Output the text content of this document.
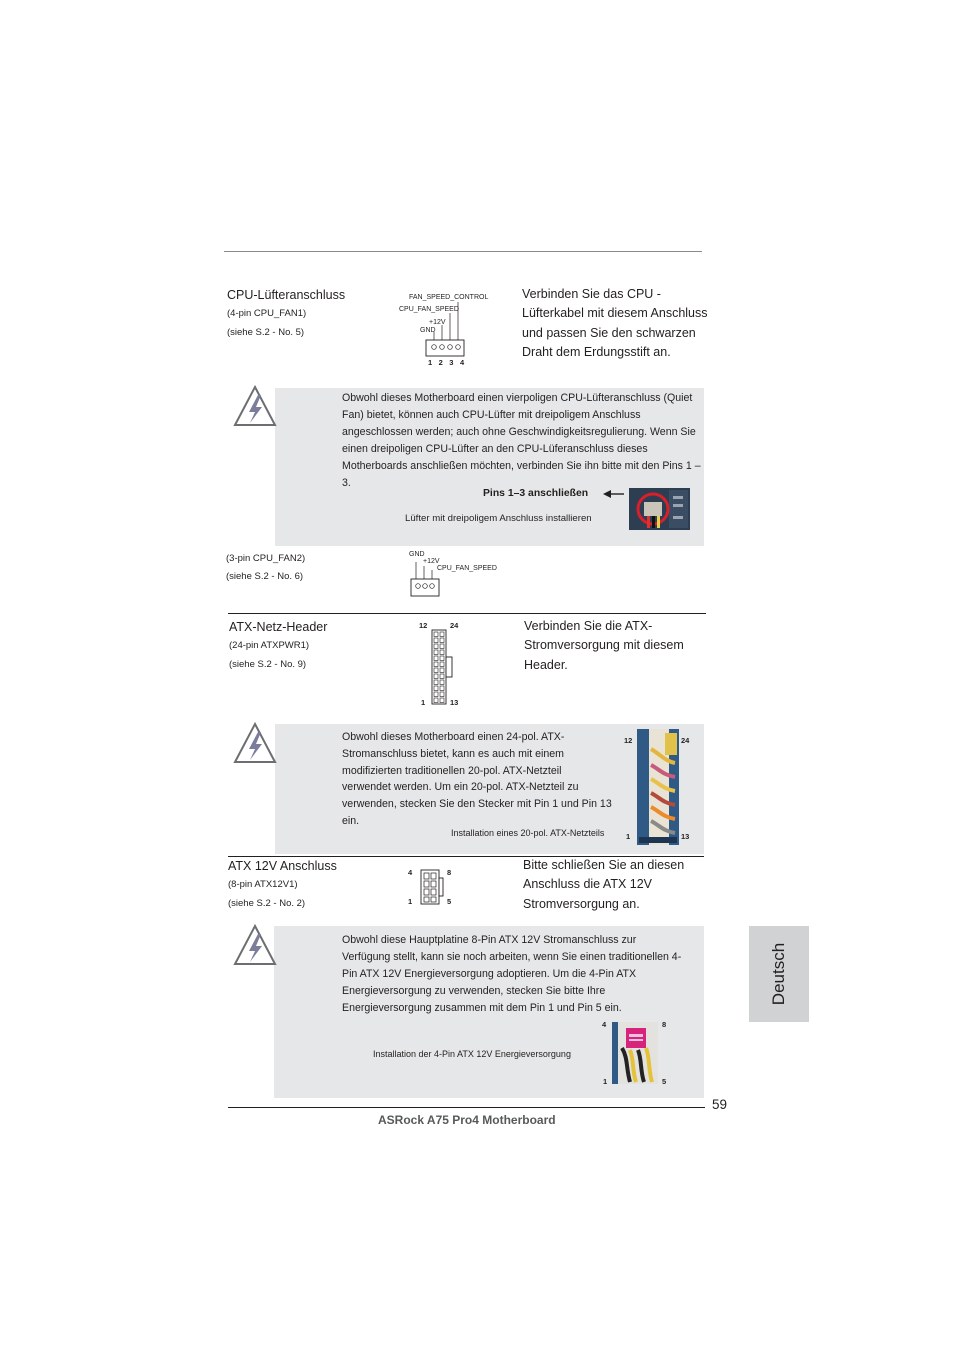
CPU-Lüfteranschluss
(4-pin CPU_FAN1)
(siehe S.2 - No. 5)
Verbinden Sie das CPU - Lüfterkabel mit diesem Anschluss und passen Sie den schwarzen Draht dem Erdungsstift an.
FAN_SPEED_CONTROL
CPU_FAN_SPEED
+12V
GND
1 2 3 4
Obwohl dieses Motherboard einen vierpoligen CPU-Lüfteranschluss (Quiet Fan) bietet, können auch CPU-Lüfter mit dreipoligem Anschluss angeschlossen werden; auch ohne Geschwindigkeitsregulierung. Wenn Sie einen dreipoligen CPU-Lüfter an den CPU-Lüferanschluss dieses Motherboards anschließen möchten, verbinden Sie ihn bitte mit den Pins 1 – 3.
Pins 1–3 anschließen
Lüfter mit dreipoligem Anschluss installieren
(3-pin CPU_FAN2)
(siehe S.2 - No. 6)
GND
+12V
CPU_FAN_SPEED
ATX-Netz-Header
(24-pin ATXPWR1)
(siehe S.2 - No. 9)
Verbinden Sie die ATX-Stromversorgung mit diesem Header.
12	24
1	13
Obwohl dieses Motherboard einen 24-pol. ATX-Stromanschluss bietet, kann es auch mit einem modifizierten traditionellen 20-pol. ATX-Netzteil verwendet werden. Um ein 20-pol. ATX-Netzteil zu verwenden, stecken Sie den Stecker mit Pin 1 und Pin 13 ein.
Installation eines 20-pol. ATX-Netzteils
12	24
1	13
ATX 12V Anschluss
(8-pin ATX12V1)
(siehe S.2 - No. 2)
Bitte schließen Sie an diesen Anschluss die ATX 12V Stromversorgung an.
4	8
1	5
Obwohl diese Hauptplatine 8-Pin ATX 12V Stromanschluss zur Verfügung stellt, kann sie noch arbeiten, wenn Sie einen traditionellen 4-Pin ATX 12V Energieversorgung adoptieren. Um die 4-Pin ATX Energieversorgung zu verwenden, stecken Sie bitte Ihre Energieversorgung zusammen mit dem Pin 1 und Pin 5 ein.
Installation der 4-Pin ATX 12V Energieversorgung
4	8
1	5
Deutsch
59
ASRock A75 Pro4 Motherboard
